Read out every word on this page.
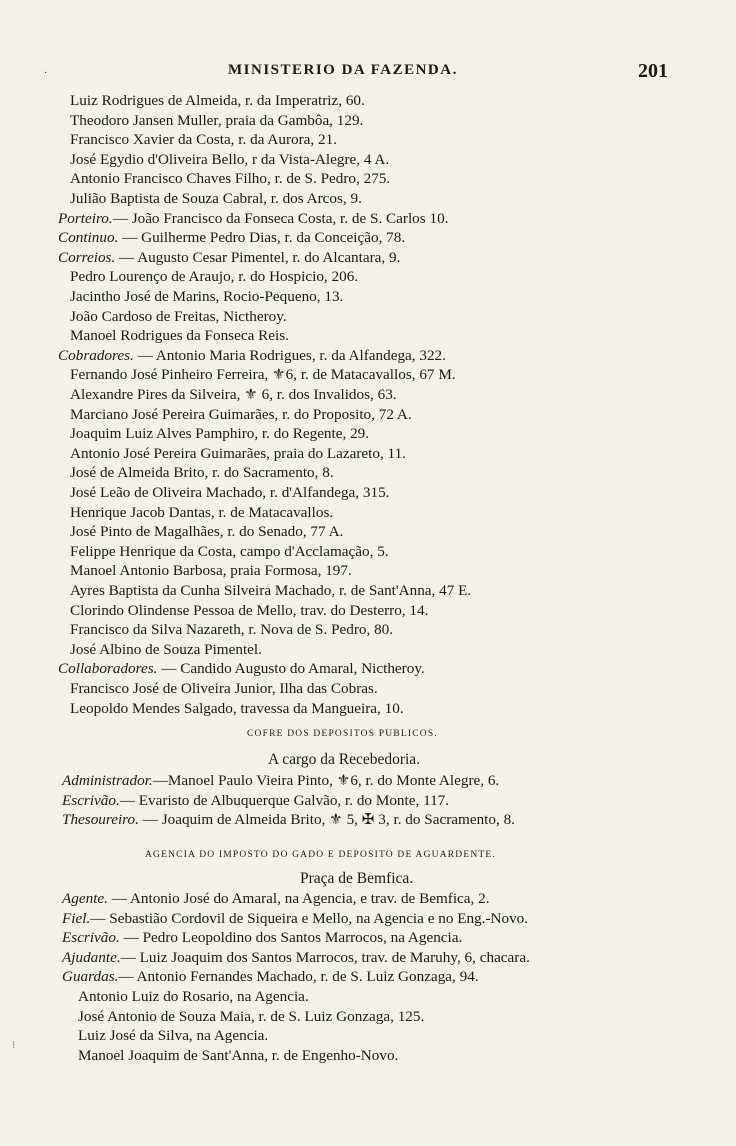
·	MINISTERIO DA FAZENDA.	201
Luiz Rodrigues de Almeida, r. da Imperatriz, 60.
Theodoro Jansen Muller, praia da Gambôa, 129.
Francisco Xavier da Costa, r. da Aurora, 21.
José Egydio d'Oliveira Bello, r da Vista-Alegre, 4 A.
Antonio Francisco Chaves Filho, r. de S. Pedro, 275.
Julião Baptista de Souza Cabral, r. dos Arcos, 9.
Porteiro.— João Francisco da Fonseca Costa, r. de S. Carlos 10.
Continuo. — Guilherme Pedro Dias, r. da Conceição, 78.
Correios. — Augusto Cesar Pimentel, r. do Alcantara, 9.
Pedro Lourenço de Araujo, r. do Hospicio, 206.
Jacintho José de Marins, Rocio-Pequeno, 13.
João Cardoso de Freitas, Nictheroy.
Manoel Rodrigues da Fonseca Reis.
Cobradores. — Antonio Maria Rodrigues, r. da Alfandega, 322.
Fernando José Pinheiro Ferreira, ⚜6, r. de Matacavallos, 67 M.
Alexandre Pires da Silveira, ⚜ 6, r. dos Invalidos, 63.
Marciano José Pereira Guimarães, r. do Proposito, 72 A.
Joaquim Luiz Alves Pamphiro, r. do Regente, 29.
Antonio José Pereira Guimarães, praia do Lazareto, 11.
José de Almeida Brito, r. do Sacramento, 8.
José Leão de Oliveira Machado, r. d'Alfandega, 315.
Henrique Jacob Dantas, r. de Matacavallos.
José Pinto de Magalhães, r. do Senado, 77 A.
Felippe Henrique da Costa, campo d'Acclamação, 5.
Manoel Antonio Barbosa, praia Formosa, 197.
Ayres Baptista da Cunha Silveira Machado, r. de Sant'Anna, 47 E.
Clorindo Olindense Pessoa de Mello, trav. do Desterro, 14.
Francisco da Silva Nazareth, r. Nova de S. Pedro, 80.
José Albino de Souza Pimentel.
Collaboradores. — Candido Augusto do Amaral, Nictheroy.
Francisco José de Oliveira Junior, Ilha das Cobras.
Leopoldo Mendes Salgado, travessa da Mangueira, 10.
COFRE DOS DEPOSITOS PUBLICOS.
A cargo da Recebedoria.
Administrador.—Manoel Paulo Vieira Pinto, ⚜6, r. do Monte Alegre, 6.
Escrivão.— Evaristo de Albuquerque Galvão, r. do Monte, 117.
Thesoureiro. — Joaquim de Almeida Brito, ⚜ 5, ✠ 3, r. do Sacramento, 8.
AGENCIA DO IMPOSTO DO GADO E DEPOSITO DE AGUARDENTE.
Praça de Bemfica.
Agente. — Antonio José do Amaral, na Agencia, e trav. de Bemfica, 2.
Fiel.— Sebastião Cordovil de Siqueira e Mello, na Agencia e no Eng.-Novo.
Escrivão. — Pedro Leopoldino dos Santos Marrocos, na Agencia.
Ajudante.— Luiz Joaquim dos Santos Marrocos, trav. de Maruhy, 6, chacara.
Guardas.— Antonio Fernandes Machado, r. de S. Luiz Gonzaga, 94.
Antonio Luiz do Rosario, na Agencia.
José Antonio de Souza Maia, r. de S. Luiz Gonzaga, 125.
Luiz José da Silva, na Agencia.
Manoel Joaquim de Sant'Anna, r. de Engenho-Novo.
⁝
